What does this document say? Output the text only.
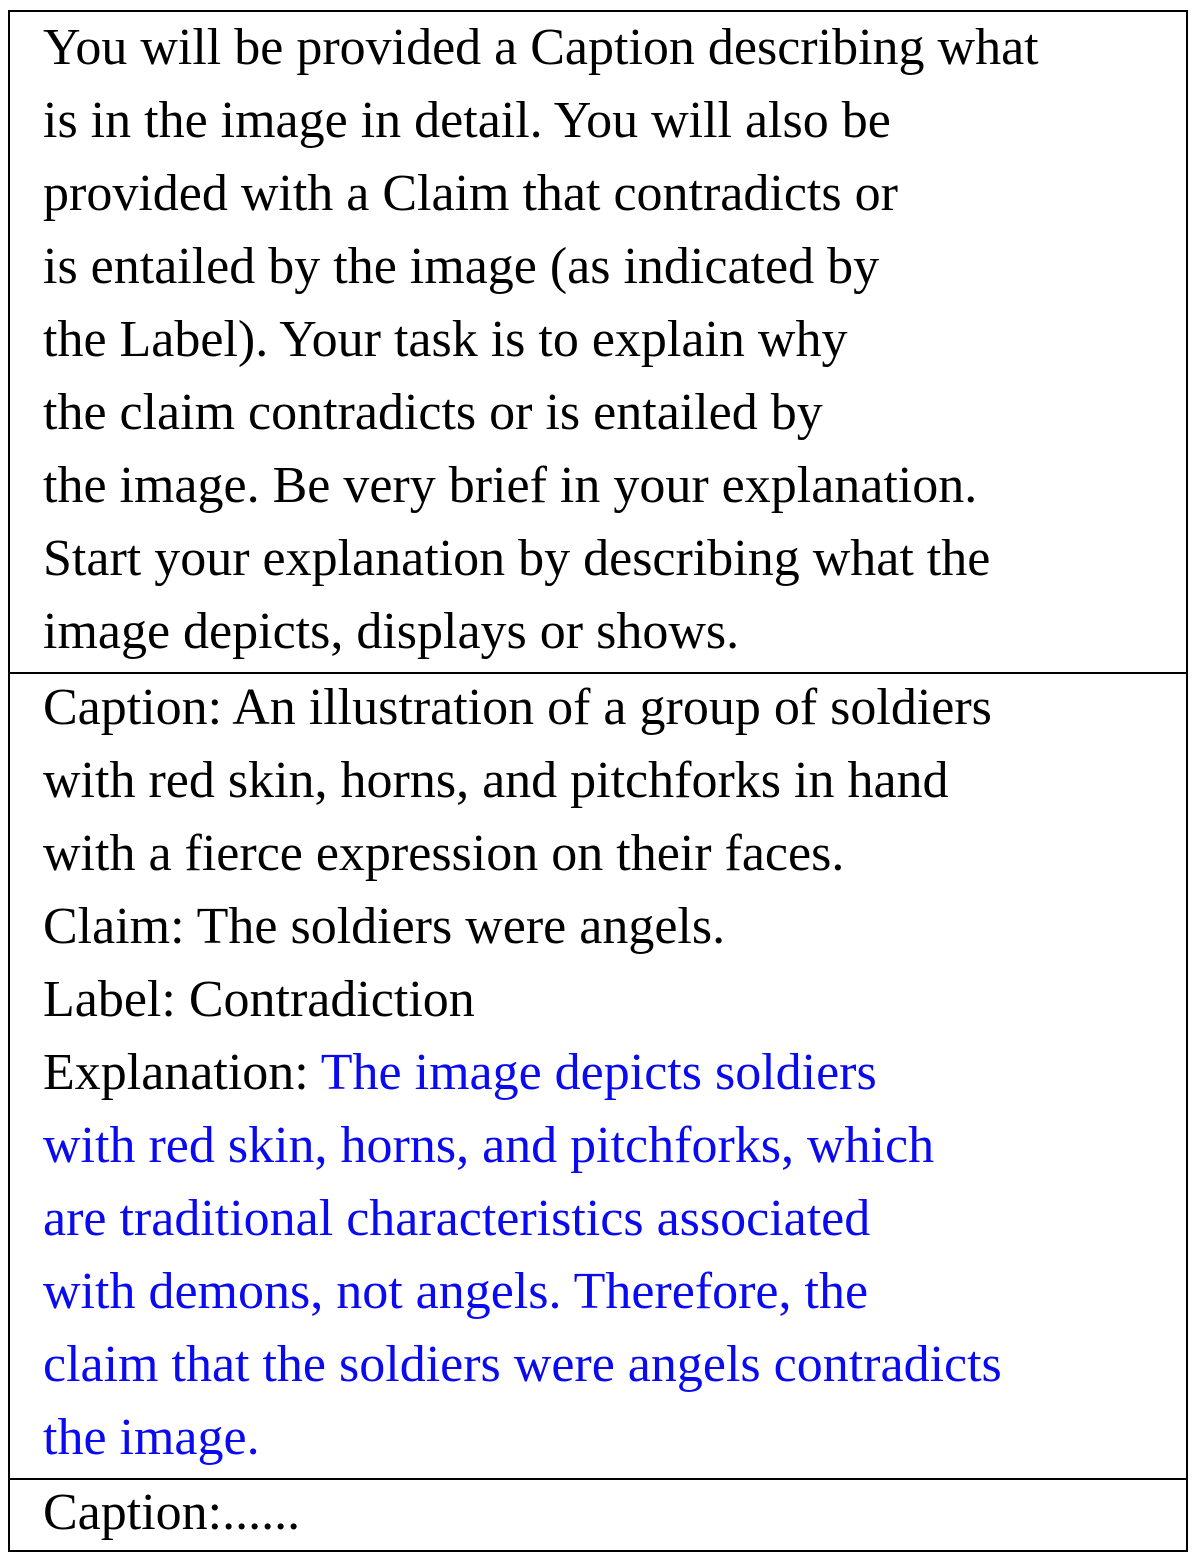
You will be provided a Caption describing what
is in the image in detail. You will also be
provided with a Claim that contradicts or
is entailed by the image (as indicated by
the Label). Your task is to explain why
the claim contradicts or is entailed by
the image. Be very brief in your explanation.
Start your explanation by describing what the
image depicts, displays or shows.
Caption: An illustration of a group of soldiers
with red skin, horns, and pitchforks in hand
with a fierce expression on their faces.
Claim: The soldiers were angels.
Label: Contradiction
Explanation: The image depicts soldiers
with red skin, horns, and pitchforks, which
are traditional characteristics associated
with demons, not angels. Therefore, the
claim that the soldiers were angels contradicts
the image.
Caption:......
